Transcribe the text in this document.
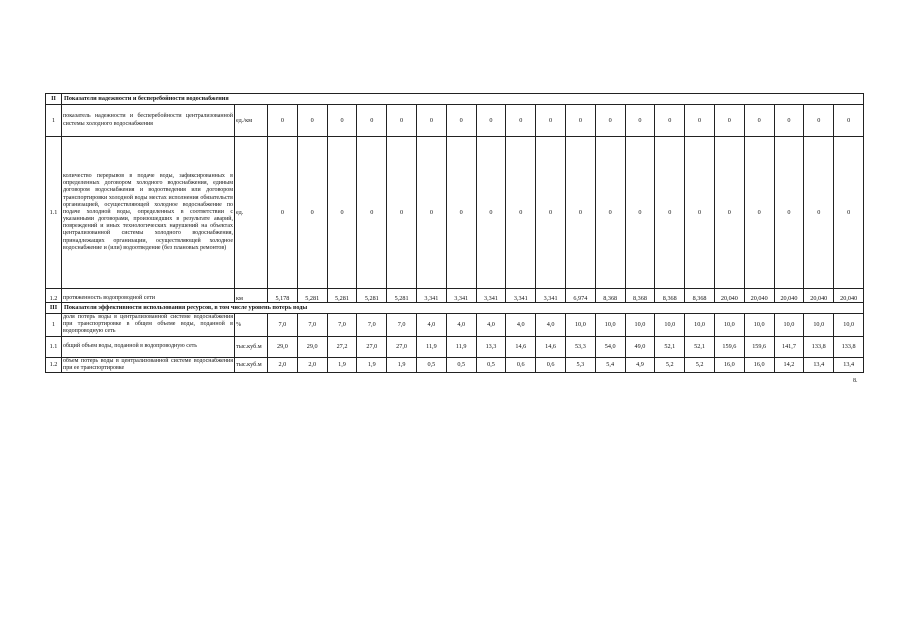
II	Показатели надежности и бесперебойности водоснабжения																					
1	показатель надежности и бесперебойности централизованной системы холодного водоснабжения	ед./км	0	0	0	0	0	0	0	0	0	0	0	0	0	0	0	0	0	0	0	0
1.1	количество перерывов в подаче воды, зафиксированных в определенных договором холодного водоснабжения, единым договором водоснабжения и водоотведения или договором транспортировки холодной воды местах исполнения обязательств организацией, осуществляющей холодное водоснабжение по подаче холодной воды, определенных в соответствии с указанными договорами, произошедших в результате аварий, повреждений и иных технологических нарушений на объектах централизованной системы холодного водоснабжения, принадлежащих организации, осуществляющей холодное водоснабжение и (или) водоотведение (без плановых ремонтов)	ед.	0	0	0	0	0	0	0	0	0	0	0	0	0	0	0	0	0	0	0	0
1.2	протяженность водопроводной сети	км	5,178	5,281	5,281	5,281	5,281	3,341	3,341	3,341	3,341	3,341	6,974	8,368	8,368	8,368	8,368	20,040	20,040	20,040	20,040	20,040
III	Показатели эффективности использования ресурсов, в том числе уровень потерь воды																					
1	доля потерь воды в централизованной системе водоснабжения при транспортировке в общем объеме воды, поданной в водопроводную сеть	%	7,0	7,0	7,0	7,0	7,0	4,0	4,0	4,0	4,0	4,0	10,0	10,0	10,0	10,0	10,0	10,0	10,0	10,0	10,0	10,0
1.1	общий объем воды, поданной в водопроводную сеть	тыс.куб.м	29,0	29,0	27,2	27,0	27,0	11,9	11,9	13,3	14,6	14,6	53,3	54,0	49,0	52,1	52,1	159,6	159,6	141,7	133,8	133,8
1.2	объем потерь воды в централизованной системе водоснабжения при ее транспортировке	тыс.куб.м	2,0	2,0	1,9	1,9	1,9	0,5	0,5	0,5	0,6	0,6	5,3	5,4	4,9	5,2	5,2	16,0	16,0	14,2	13,4	13,4
8.
